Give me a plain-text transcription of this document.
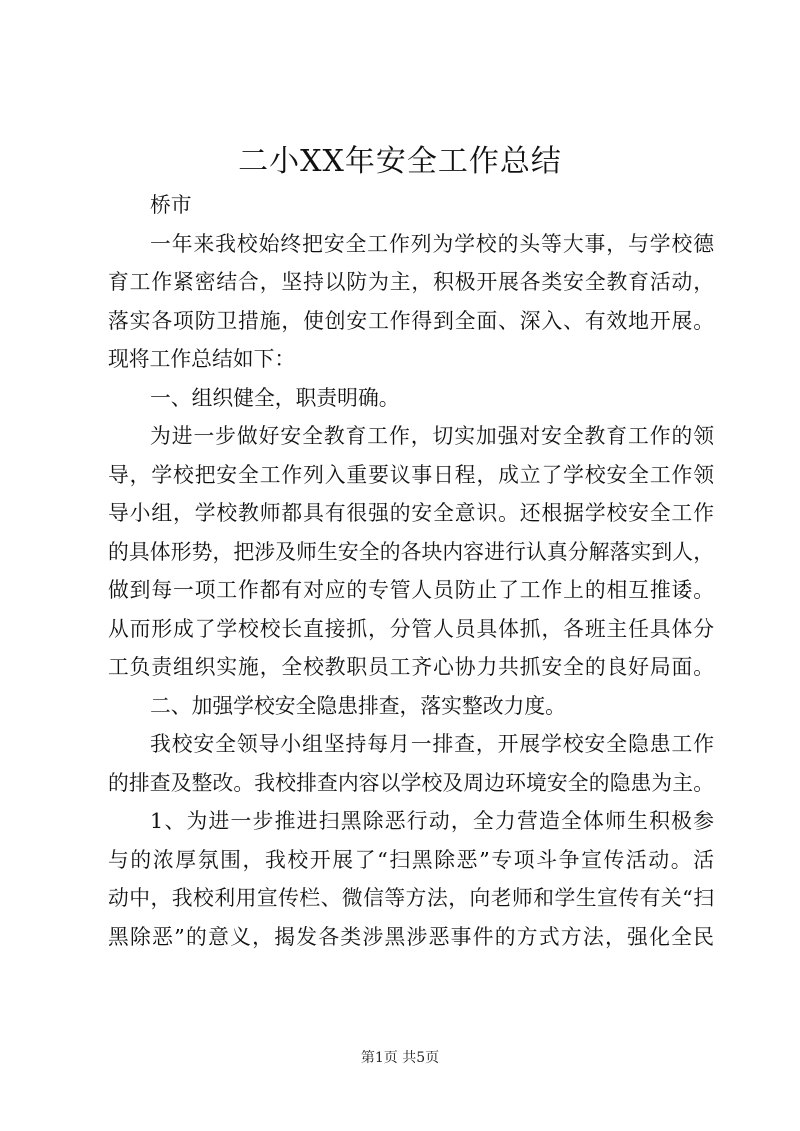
二小XX年安全工作总结
桥市
一年来我校始终把安全工作列为学校的头等大事，与学校德
育工作紧密结合，坚持以防为主，积极开展各类安全教育活动，
落实各项防卫措施，使创安工作得到全面、深入、有效地开展。
现将工作总结如下：
一、组织健全，职责明确。
为进一步做好安全教育工作，切实加强对安全教育工作的领
导，学校把安全工作列入重要议事日程，成立了学校安全工作领
导小组，学校教师都具有很强的安全意识。还根据学校安全工作
的具体形势，把涉及师生安全的各块内容进行认真分解落实到人，
做到每一项工作都有对应的专管人员防止了工作上的相互推诿。
从而形成了学校校长直接抓，分管人员具体抓，各班主任具体分
工负责组织实施，全校教职员工齐心协力共抓安全的良好局面。
二、加强学校安全隐患排查，落实整改力度。
我校安全领导小组坚持每月一排查，开展学校安全隐患工作
的排查及整改。我校排查内容以学校及周边环境安全的隐患为主。
1、为进一步推进扫黑除恶行动，全力营造全体师生积极参
与的浓厚氛围，我校开展了“扫黑除恶”专项斗争宣传活动。活
动中，我校利用宣传栏、微信等方法，向老师和学生宣传有关“扫
黑除恶”的意义，揭发各类涉黑涉恶事件的方式方法，强化全民
第1页 共5页
